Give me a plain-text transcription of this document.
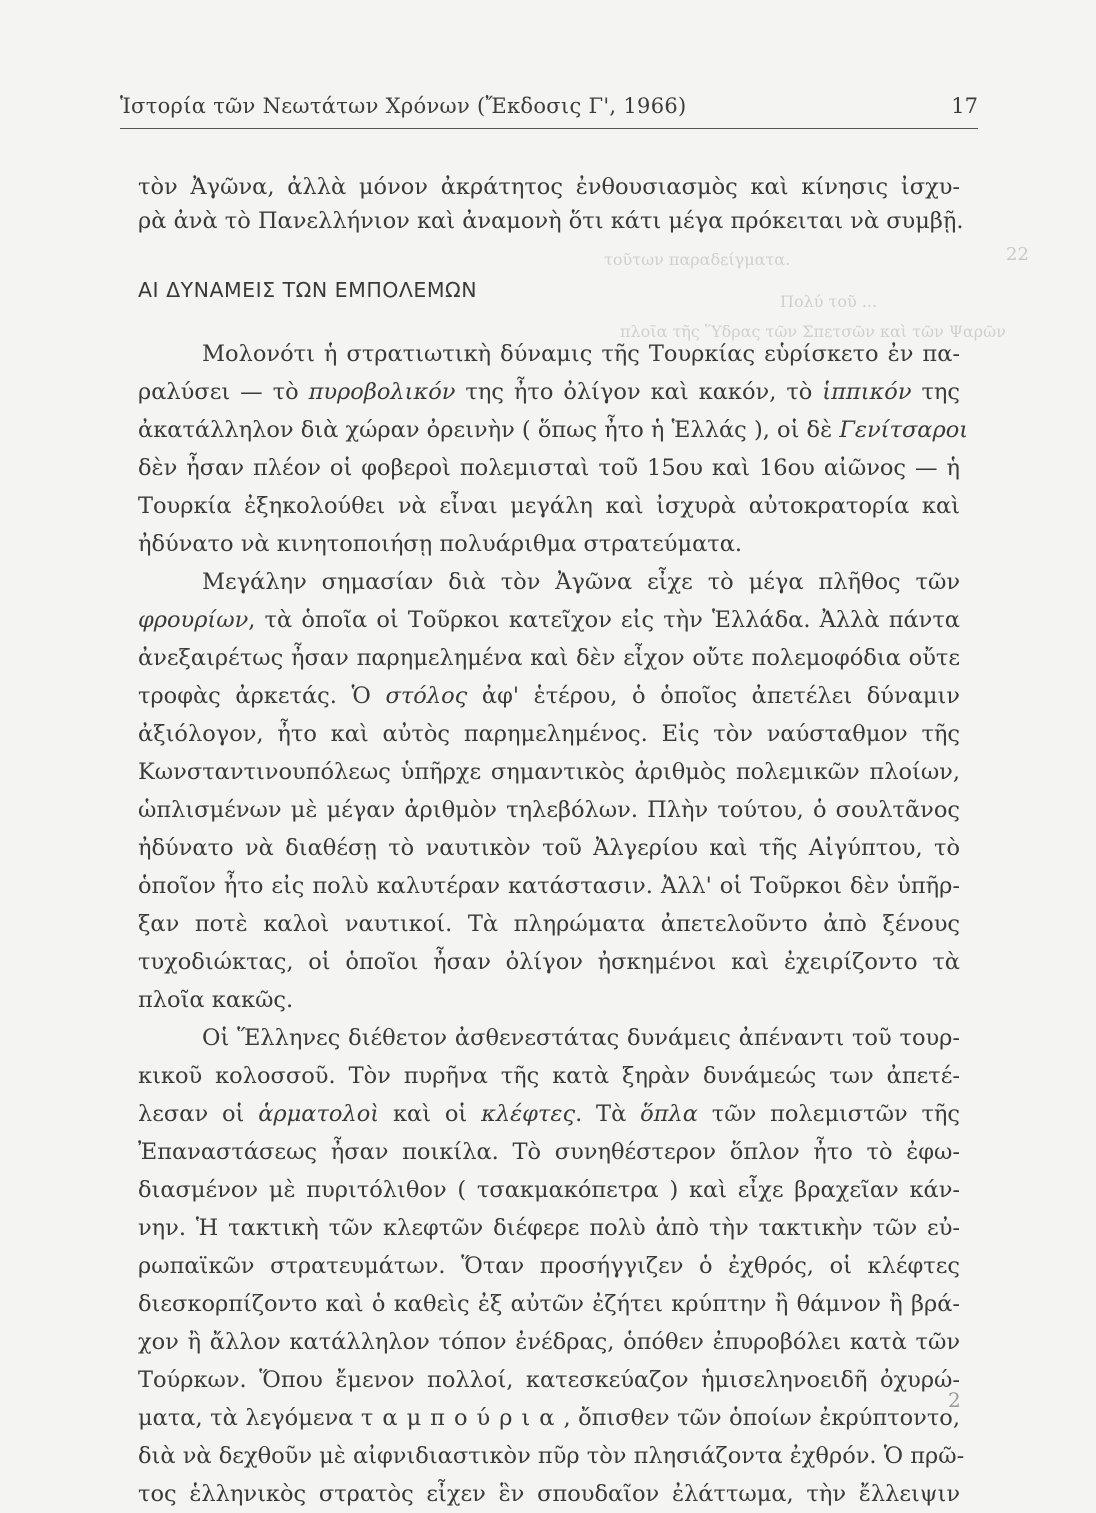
22
τοῦτων παραδείγματα.
Πολύ τοῦ ...
πλοῖα τῆς Ὕδρας τῶν Σπετσῶν καὶ τῶν Ψαρῶν
Ἱστορία τῶν Νεωτάτων Χρόνων (Ἔκδοσις Γ', 1966)	17
τὸν Ἀγῶνα, ἀλλὰ μόνον ἀκράτητος ἐνθουσιασμὸς καὶ κίνησις ἰσχυ-
ρὰ ἀνὰ τὸ Πανελλήνιον καὶ ἀναμονὴ ὅτι κάτι μέγα πρόκειται νὰ συμβῇ.
ΑΙ ΔΥΝΑΜΕΙΣ ΤΩΝ ΕΜΠΟΛΕΜΩΝ
Μολονότι ἡ στρατιωτικὴ δύναμις τῆς Τουρκίας εὑρίσκετο ἐν πα-
ραλύσει — τὸ πυροβολικόν της ἦτο ὀλίγον καὶ κακόν, τὸ ἱππικόν της
ἀκατάλληλον διὰ χώραν ὀρεινὴν ( ὅπως ἦτο ἡ Ἑλλάς ), οἱ δὲ Γενίτσαροι
δὲν ἦσαν πλέον οἱ φοβεροὶ πολεμισταὶ τοῦ 15ου καὶ 16ου αἰῶνος — ἡ
Τουρκία ἐξηκολούθει νὰ εἶναι μεγάλη καὶ ἰσχυρὰ αὐτοκρατορία καὶ
ἠδύνατο νὰ κινητοποιήσῃ πολυάριθμα στρατεύματα.
Μεγάλην σημασίαν διὰ τὸν Ἀγῶνα εἶχε τὸ μέγα πλῆθος τῶν
φρουρίων, τὰ ὁποῖα οἱ Τοῦρκοι κατεῖχον εἰς τὴν Ἑλλάδα. Ἀλλὰ πάντα
ἀνεξαιρέτως ἦσαν παρημελημένα καὶ δὲν εἶχον οὔτε πολεμοφόδια οὔτε
τροφὰς ἀρκετάς. Ὁ στόλος ἀφ' ἑτέρου, ὁ ὁποῖος ἀπετέλει δύναμιν
ἀξιόλογον, ἦτο καὶ αὐτὸς παρημελημένος. Εἰς τὸν ναύσταθμον τῆς
Κωνσταντινουπόλεως ὑπῆρχε σημαντικὸς ἀριθμὸς πολεμικῶν πλοίων,
ὡπλισμένων μὲ μέγαν ἀριθμὸν τηλεβόλων. Πλὴν τούτου, ὁ σουλτᾶνος
ἠδύνατο νὰ διαθέσῃ τὸ ναυτικὸν τοῦ Ἀλγερίου καὶ τῆς Αἰγύπτου, τὸ
ὁποῖον ἦτο εἰς πολὺ καλυτέραν κατάστασιν. Ἀλλ' οἱ Τοῦρκοι δὲν ὑπῆρ-
ξαν ποτὲ καλοὶ ναυτικοί. Τὰ πληρώματα ἀπετελοῦντο ἀπὸ ξένους
τυχοδιώκτας, οἱ ὁποῖοι ἦσαν ὀλίγον ἠσκημένοι καὶ ἐχειρίζοντο τὰ
πλοῖα κακῶς.
Οἱ Ἕλληνες διέθετον ἀσθενεστάτας δυνάμεις ἀπέναντι τοῦ τουρ-
κικοῦ κολοσσοῦ. Τὸν πυρῆνα τῆς κατὰ ξηρὰν δυνάμεώς των ἀπετέ-
λεσαν οἱ ἁρματολοὶ καὶ οἱ κλέφτες. Τὰ ὅπλα τῶν πολεμιστῶν τῆς
Ἐπαναστάσεως ἦσαν ποικίλα. Τὸ συνηθέστερον ὅπλον ἦτο τὸ ἐφω-
διασμένον μὲ πυριτόλιθον ( τσακμακόπετρα ) καὶ εἶχε βραχεῖαν κάν-
νην. Ἡ τακτικὴ τῶν κλεφτῶν διέφερε πολὺ ἀπὸ τὴν τακτικὴν τῶν εὐ-
ρωπαϊκῶν στρατευμάτων. Ὅταν προσήγγιζεν ὁ ἐχθρός, οἱ κλέφτες
διεσκορπίζοντο καὶ ὁ καθεὶς ἐξ αὐτῶν ἐζήτει κρύπτην ἢ θάμνον ἢ βρά-
χον ἢ ἄλλον κατάλληλον τόπον ἐνέδρας, ὁπόθεν ἐπυροβόλει κατὰ τῶν
Τούρκων. Ὅπου ἔμενον πολλοί, κατεσκεύαζον ἡμισεληνοειδῆ ὀχυρώ-
ματα, τὰ λεγόμενα ταμπούρια, ὄπισθεν τῶν ὁποίων ἐκρύπτοντο,
διὰ νὰ δεχθοῦν μὲ αἰφνιδιαστικὸν πῦρ τὸν πλησιάζοντα ἐχθρόν. Ὁ πρῶ-
τος ἑλληνικὸς στρατὸς εἶχεν ἓν σπουδαῖον ἐλάττωμα, τὴν ἔλλειψιν
2
